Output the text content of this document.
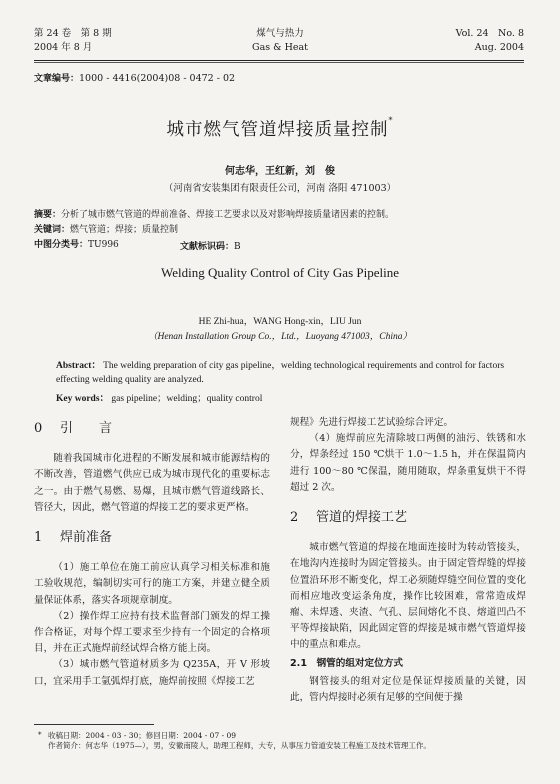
第 24 卷　第 8 期
2004 年 8 月
煤气与热力
Gas & Heat
Vol. 24　No. 8
Aug. 2004
文章编号：1000 - 4416(2004)08 - 0472 - 02
城市燃气管道焊接质量控制*
何志华，王红新，刘　俊
（河南省安装集团有限责任公司，河南 洛阳 471003）
摘要：分析了城市燃气管道的焊前准备、焊接工艺要求以及对影响焊接质量诸因素的控制。
关键词：燃气管道；焊接；质量控制
中图分类号：TU996	文献标识码：B
Welding Quality Control of City Gas Pipeline
HE Zhi-hua，WANG Hong-xin，LIU Jun
（Henan Installation Group Co.，Ltd.，Luoyang 471003，China）
Abstract： The welding preparation of city gas pipeline，welding technological requirements and control for factors effecting welding quality are analyzed.
Key words： gas pipeline；welding；quality control
0 引　　言

随着我国城市化进程的不断发展和城市能源结构的不断改善，管道燃气供应已成为城市现代化的重要标志之一。由于燃气易燃、易爆，且城市燃气管道线路长、管径大，因此，燃气管道的焊接工艺的要求更严格。

1 焊前准备

（1）施工单位在施工前应认真学习相关标准和施工验收规范，编制切实可行的施工方案，并建立健全质量保证体系，落实各项规章制度。

（2）操作焊工应持有技术监督部门颁发的焊工操作合格证，对每个焊工要求至少持有一个固定的合格项目，并在正式施焊前经试焊合格方能上岗。

（3）城市燃气管道材质多为 Q235A，开 V 形坡口，宜采用手工氩弧焊打底，施焊前按照《焊接工艺

规程》先进行焊接工艺试验综合评定。

（4）施焊前应先清除坡口两侧的油污、铁锈和水分，焊条经过 150 ℃烘干 1.0～1.5 h，并在保温筒内进行 100～80 ℃保温，随用随取，焊条重复烘干不得超过 2 次。

2 管道的焊接工艺

城市燃气管道的焊接在地面连接时为转动管接头，在地沟内连接时为固定管接头。由于固定管焊缝的焊接位置沿环形不断变化，焊工必须随焊缝空间位置的变化而相应地改变运条角度，操作比较困难，常常造成焊瘤、未焊透、夹渣、气孔、层间熔化不良、熔道凹凸不平等焊接缺陷，因此固定管的焊接是城市燃气管道焊接中的重点和难点。

2.1　钢管的组对定位方式

钢管接头的组对定位是保证焊接质量的关键，因此，管内焊接时必须有足够的空间便于操

* 收稿日期：2004 - 03 - 30；修回日期：2004 - 07 - 09
作者简介：何志华（1975—），男，安徽南陵人，助理工程师，大专，从事压力管道安装工程施工及技术管理工作。
